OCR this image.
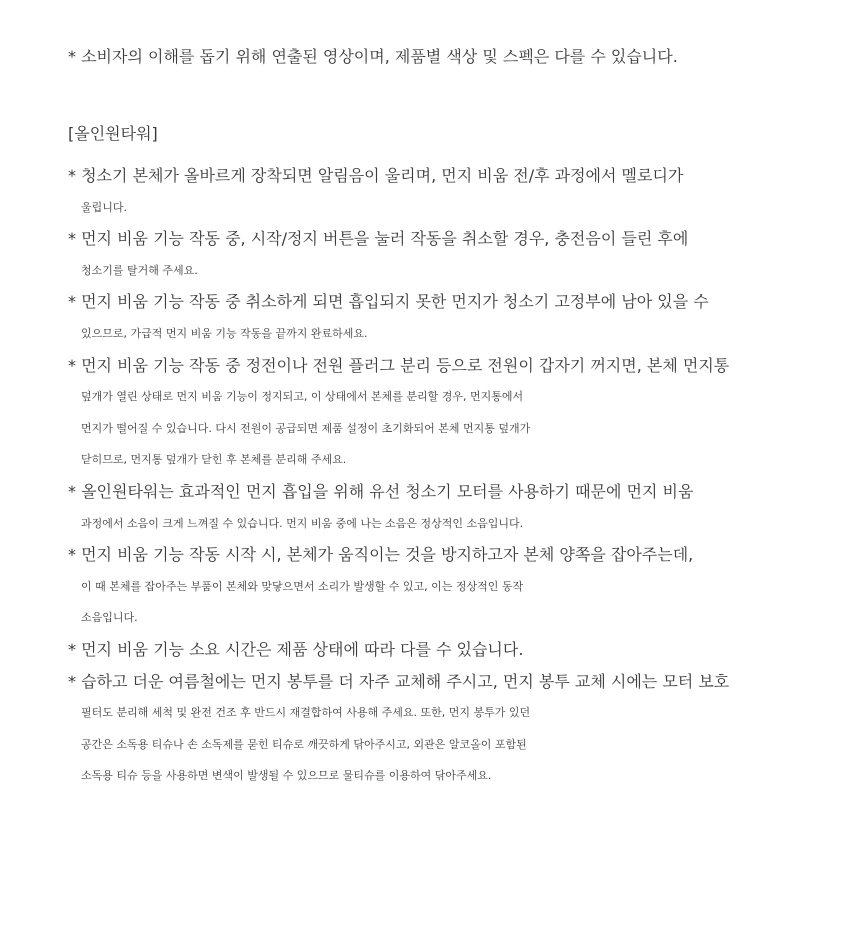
* 소비자의 이해를 돕기 위해 연출된 영상이며, 제품별 색상 및 스펙은 다를 수 있습니다.
[올인원타워]
* 청소기 본체가 올바르게 장착되면 알림음이 울리며, 먼지 비움 전/후 과정에서 멜로디가
울립니다.
* 먼지 비움 기능 작동 중, 시작/정지 버튼을 눌러 작동을 취소할 경우, 충전음이 들린 후에
청소기를 탈거해 주세요.
* 먼지 비움 기능 작동 중 취소하게 되면 흡입되지 못한 먼지가 청소기 고정부에 남아 있을 수
있으므로, 가급적 먼지 비움 기능 작동을 끝까지 완료하세요.
* 먼지 비움 기능 작동 중 정전이나 전원 플러그 분리 등으로 전원이 갑자기 꺼지면, 본체 먼지통
덮개가 열린 상태로 먼지 비움 기능이 정지되고, 이 상태에서 본체를 분리할 경우, 먼지통에서
먼지가 떨어질 수 있습니다. 다시 전원이 공급되면 제품 설정이 초기화되어 본체 먼지통 덮개가
닫히므로, 먼지통 덮개가 닫힌 후 본체를 분리해 주세요.
* 올인원타워는 효과적인 먼지 흡입을 위해 유선 청소기 모터를 사용하기 때문에 먼지 비움
과정에서 소음이 크게 느껴질 수 있습니다. 먼지 비움 중에 나는 소음은 정상적인 소음입니다.
* 먼지 비움 기능 작동 시작 시, 본체가 움직이는 것을 방지하고자 본체 양쪽을 잡아주는데,
이 때 본체를 잡아주는 부품이 본체와 맞닿으면서 소리가 발생할 수 있고, 이는 정상적인 동작
소음입니다.
* 먼지 비움 기능 소요 시간은 제품 상태에 따라 다를 수 있습니다.
* 습하고 더운 여름철에는 먼지 봉투를 더 자주 교체해 주시고, 먼지 봉투 교체 시에는 모터 보호
필터도 분리해 세척 및 완전 건조 후 반드시 재결합하여 사용해 주세요. 또한, 먼지 봉투가 있던
공간은 소독용 티슈나 손 소독제를 묻힌 티슈로 깨끗하게 닦아주시고, 외관은 알코올이 포함된
소독용 티슈 등을 사용하면 변색이 발생될 수 있으므로 물티슈를 이용하여 닦아주세요.
